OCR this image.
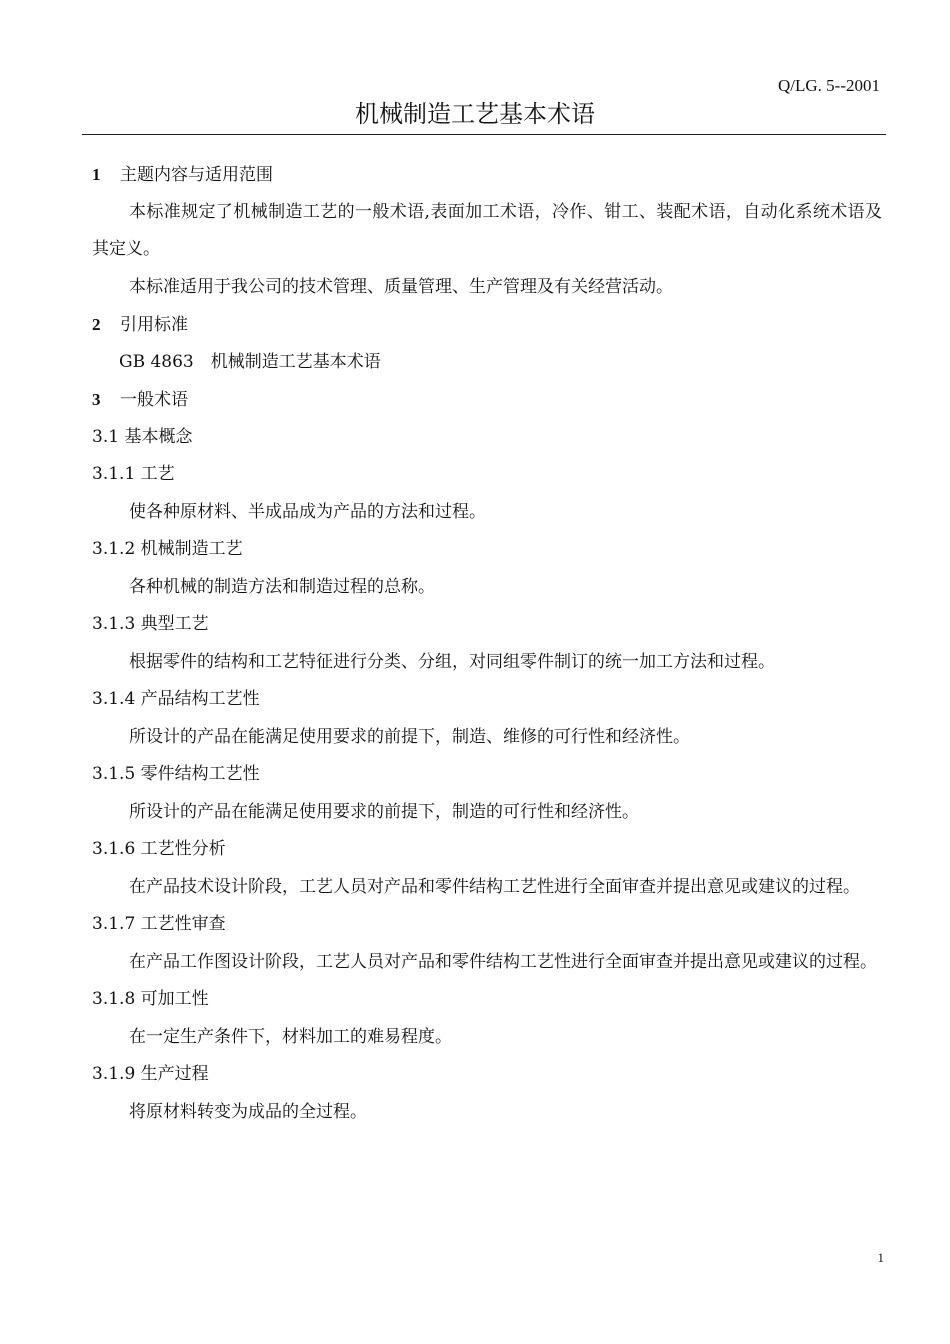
Q/LG. 5--2001
机械制造工艺基本术语
1 主题内容与适用范围
本标准规定了机械制造工艺的一般术语,表面加工术语，冷作、钳工、装配术语，自动化系统术语及其定义。
本标准适用于我公司的技术管理、质量管理、生产管理及有关经营活动。
2 引用标准
GB 4863　机械制造工艺基本术语
3 一般术语
3.1 基本概念
3.1.1 工艺
使各种原材料、半成品成为产品的方法和过程。
3.1.2 机械制造工艺
各种机械的制造方法和制造过程的总称。
3.1.3 典型工艺
根据零件的结构和工艺特征进行分类、分组，对同组零件制订的统一加工方法和过程。
3.1.4 产品结构工艺性
所设计的产品在能满足使用要求的前提下，制造、维修的可行性和经济性。
3.1.5 零件结构工艺性
所设计的产品在能满足使用要求的前提下，制造的可行性和经济性。
3.1.6 工艺性分析
在产品技术设计阶段，工艺人员对产品和零件结构工艺性进行全面审查并提出意见或建议的过程。
3.1.7 工艺性审查
在产品工作图设计阶段，工艺人员对产品和零件结构工艺性进行全面审查并提出意见或建议的过程。
3.1.8 可加工性
在一定生产条件下，材料加工的难易程度。
3.1.9 生产过程
将原材料转变为成品的全过程。
1
